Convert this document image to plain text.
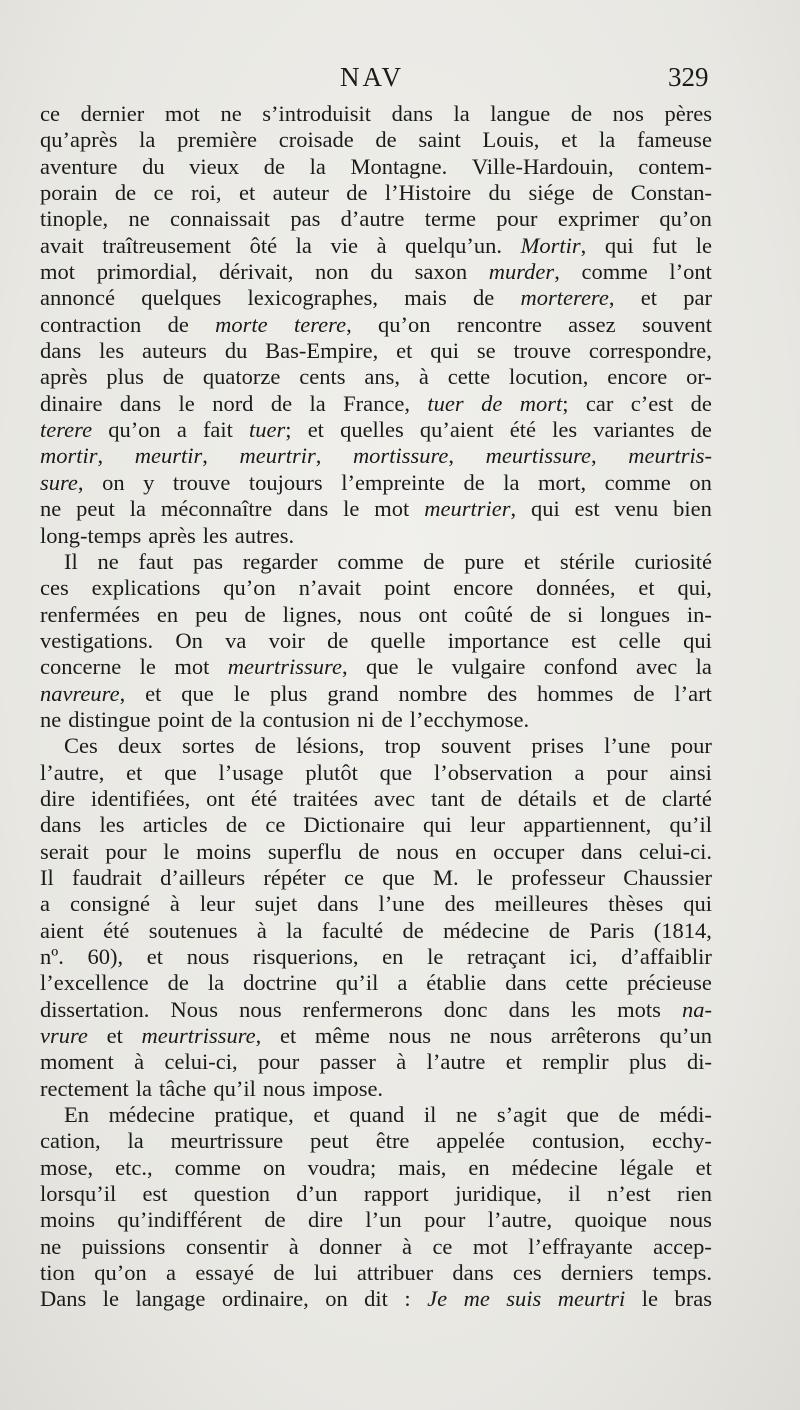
NAV	329
ce dernier mot ne s’introduisit dans la langue de nos pères
qu’après la première croisade de saint Louis, et la fameuse
aventure du vieux de la Montagne. Ville-Hardouin, contem-
porain de ce roi, et auteur de l’Histoire du siége de Constan-
tinople, ne connaissait pas d’autre terme pour exprimer qu’on
avait traîtreusement ôté la vie à quelqu’un. Mortir, qui fut le
mot primordial, dérivait, non du saxon murder, comme l’ont
annoncé quelques lexicographes, mais de morterere, et par
contraction de morte terere, qu’on rencontre assez souvent
dans les auteurs du Bas-Empire, et qui se trouve correspondre,
après plus de quatorze cents ans, à cette locution, encore or-
dinaire dans le nord de la France, tuer de mort; car c’est de
terere qu’on a fait tuer; et quelles qu’aient été les variantes de
mortir, meurtir, meurtrir, mortissure, meurtissure, meurtris-
sure, on y trouve toujours l’empreinte de la mort, comme on
ne peut la méconnaître dans le mot meurtrier, qui est venu bien
long-temps après les autres.
Il ne faut pas regarder comme de pure et stérile curiosité
ces explications qu’on n’avait point encore données, et qui,
renfermées en peu de lignes, nous ont coûté de si longues in-
vestigations. On va voir de quelle importance est celle qui
concerne le mot meurtrissure, que le vulgaire confond avec la
navreure, et que le plus grand nombre des hommes de l’art
ne distingue point de la contusion ni de l’ecchymose.
Ces deux sortes de lésions, trop souvent prises l’une pour
l’autre, et que l’usage plutôt que l’observation a pour ainsi
dire identifiées, ont été traitées avec tant de détails et de clarté
dans les articles de ce Dictionaire qui leur appartiennent, qu’il
serait pour le moins superflu de nous en occuper dans celui-ci.
Il faudrait d’ailleurs répéter ce que M. le professeur Chaussier
a consigné à leur sujet dans l’une des meilleures thèses qui
aient été soutenues à la faculté de médecine de Paris (1814,
nº. 60), et nous risquerions, en le retraçant ici, d’affaiblir
l’excellence de la doctrine qu’il a établie dans cette précieuse
dissertation. Nous nous renfermerons donc dans les mots na-
vrure et meurtrissure, et même nous ne nous arrêterons qu’un
moment à celui-ci, pour passer à l’autre et remplir plus di-
rectement la tâche qu’il nous impose.
En médecine pratique, et quand il ne s’agit que de médi-
cation, la meurtrissure peut être appelée contusion, ecchy-
mose, etc., comme on voudra; mais, en médecine légale et
lorsqu’il est question d’un rapport juridique, il n’est rien
moins qu’indifférent de dire l’un pour l’autre, quoique nous
ne puissions consentir à donner à ce mot l’effrayante accep-
tion qu’on a essayé de lui attribuer dans ces derniers temps.
Dans le langage ordinaire, on dit : Je me suis meurtri le bras
